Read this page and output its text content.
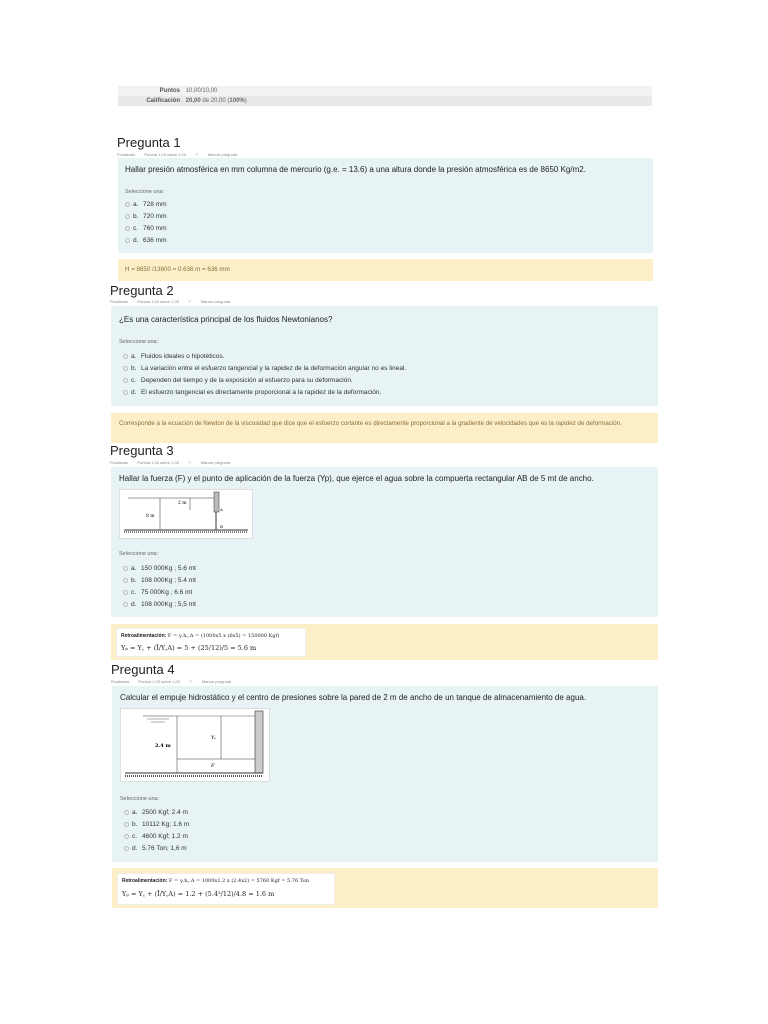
Puntos 10,00/10,00
Calificación 20,00 de 20,00 (100%)
Pregunta 1
Finalizado Puntúa 1,00 sobre 1,00 ⚐ Marcar pregunta
Hallar presión atmosférica en mm columna de mercurio (g.e. = 13.6) a una altura donde la presión atmosférica es de 8650 Kg/m2.
Seleccione una:
a. 728 mm
b. 720 mm
c. 760 mm
d. 636 mm
H = 8650 /13600 = 0.636 m = 636 mm
Pregunta 2
Finalizado Puntúa 1,00 sobre 1,00 ⚐ Marcar pregunta
¿Es una característica principal de los fluidos Newtonianos?
Seleccione una:
a. Fluidos ideales o hipotéticos.
b. La variación entre el esfuerzo tangencial y la rapidez de la deformación angular no es lineal.
c. Dependen del tiempo y de la exposición al esfuerzo para su deformación.
d. El esfuerzo tangencial es directamente proporcional a la rapidez de la deformación.
Corresponde a la ecuación de Newton de la viscosidad que dice que el esfuerzo cortante es directamente proporcional a la gradiente de velocidades que es la rapidez de deformación.
Pregunta 3
Finalizado Puntúa 1,00 sobre 1,00 ⚐ Marcar pregunta
Hallar la fuerza (F) y el punto de aplicación de la fuerza (Yp), que ejerce el agua sobre la compuerta rectangular AB de 5 mt de ancho.
8 m
2 m
A
B
Seleccione una:
a. 150 000Kg ; 5.6 mt
b. 108 000Kg ; 5.4 mt
c. 75 000Kg ; 6.6 mt
d. 108 000Kg ; 5,5 mt
Retroalimentación: F = γ.h꜀.A = (1000x5 x (6x5) = 150000 Kgf)
Yₚ = Y꜀ + (Ī/Y꜀A) = 5 + (25/12)/5 = 5.6 m
Pregunta 4
Finalizado Puntúa 1,00 sobre 1,00 ⚐ Marcar pregunta
Calcular el empuje hidrostático y el centro de presiones sobre la pared de 2 m de ancho de un tanque de almacenamiento de agua.
2.4 m
Yₚ
F
Seleccione una:
a. 2500 Kgf; 2.4 m
b. 10112 Kg; 1.6 m
c. 4600 Kgf; 1.2 m
d. 5.76 Ton; 1,6 m
Retroalimentación: F = γ.h꜀.A = 1000x1.2 x (2.4x2) = 5760 Kgf = 5.76 Ton
Yₚ = Y꜀ + (Ī/Y꜀A) = 1.2 + (5.4³/12)/4.8 = 1.6 m
